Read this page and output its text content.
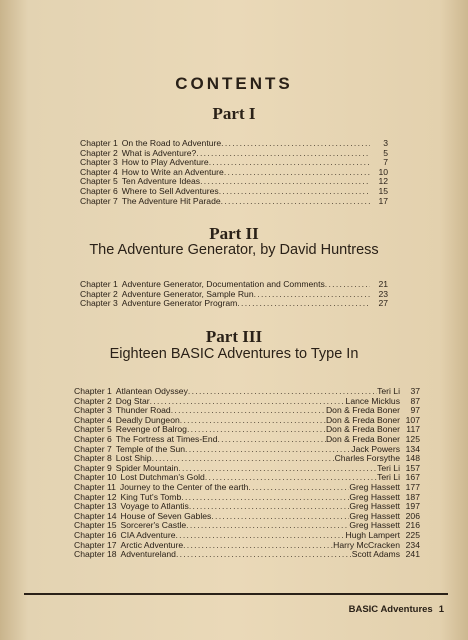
CONTENTS
Part I
Chapter 1 On the Road to Adventure .....	3
Chapter 2 What is Adventure? .....	5
Chapter 3 How to Play Adventure .....	7
Chapter 4 How to Write an Adventure .....	10
Chapter 5 Ten Adventure Ideas .....	12
Chapter 6 Where to Sell Adventures .....	15
Chapter 7 The Adventure Hit Parade .....	17
Part II
The Adventure Generator, by David Huntress
Chapter 1 Adventure Generator, Documentation and Comments .....	21
Chapter 2 Adventure Generator, Sample Run .....	23
Chapter 3 Adventure Generator Program .....	27
Part III
Eighteen BASIC Adventures to Type In
Chapter 1 Atlantean Odyssey .....	Teri Li	37
Chapter 2 Dog Star .....	Lance Micklus	87
Chapter 3 Thunder Road .....	Don & Freda Boner	97
Chapter 4 Deadly Dungeon .....	Don & Freda Boner 107
Chapter 5 Revenge of Balrog .....	Don & Freda Boner 117
Chapter 6 The Fortress at Times-End .....	Don & Freda Boner 125
Chapter 7 Temple of the Sun .....	Jack Powers 134
Chapter 8 Lost Ship .....	Charles Forsythe 148
Chapter 9 Spider Mountain .....	Teri Li 157
Chapter 10 Lost Dutchman's Gold .....	Teri Li 167
Chapter 11 Journey to the Center of the earth .....	Greg Hassett 177
Chapter 12 King Tut's Tomb .....	Greg Hassett 187
Chapter 13 Voyage to Atlantis .....	Greg Hassett 197
Chapter 14 House of Seven Gables .....	Greg Hassett 206
Chapter 15 Sorcerer's Castle .....	Greg Hassett 216
Chapter 16 CIA Adventure .....	Hugh Lampert 225
Chapter 17 Arctic Adventure .....	Harry McCracken 234
Chapter 18 Adventureland .....	Scott Adams 241
BASIC Adventures 1
